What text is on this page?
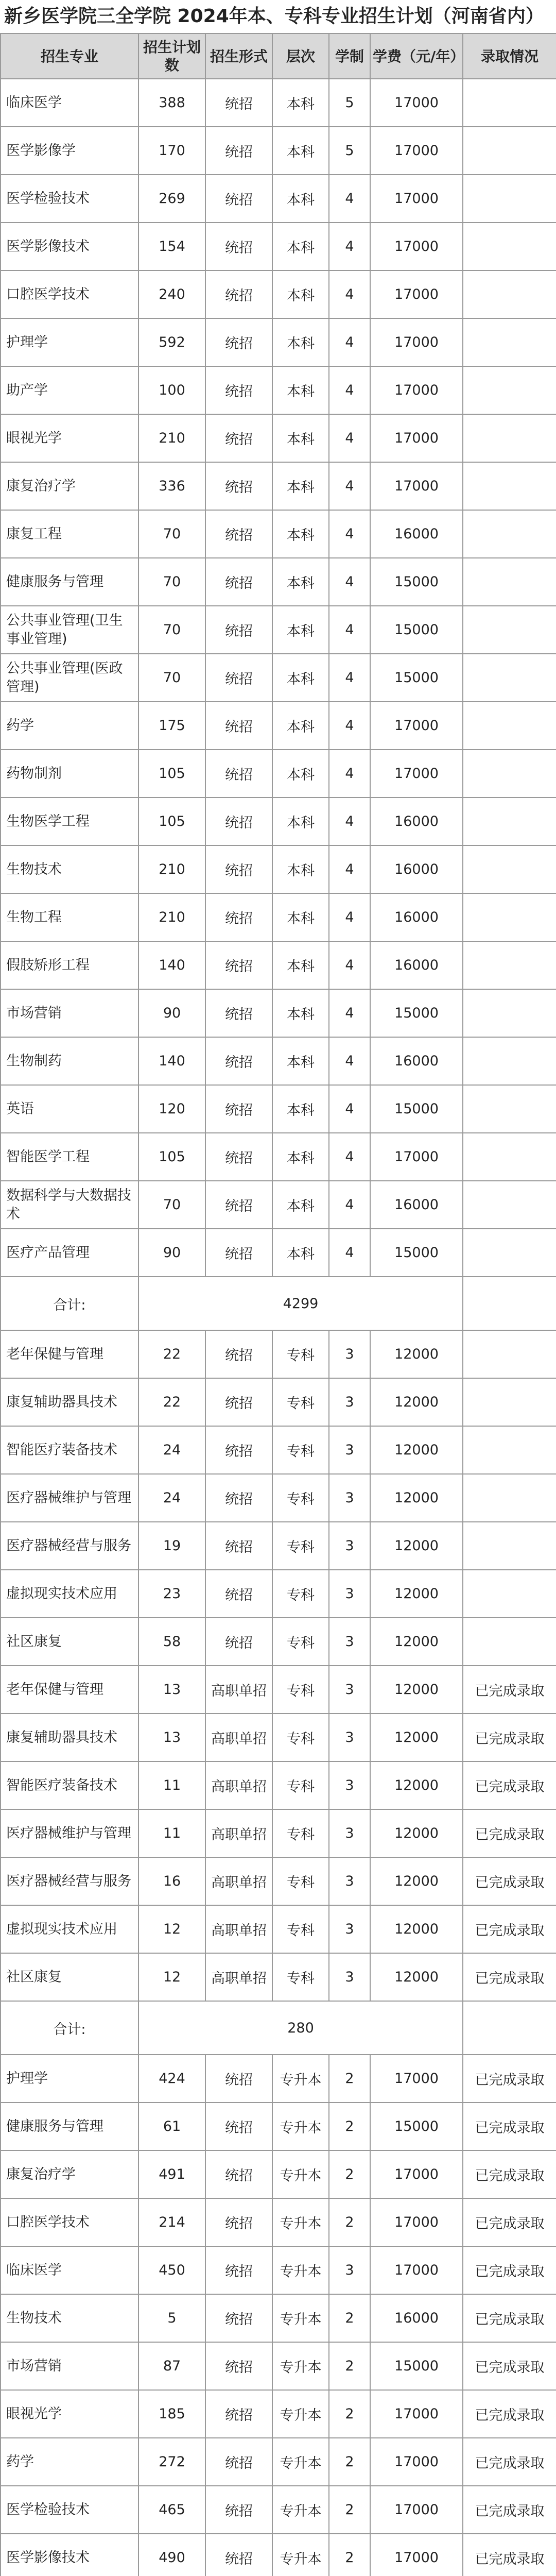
新乡医学院三全学院 2024年本、专科专业招生计划（河南省内）
招生专业	招生计划数	招生形式	层次	学制	学费（元/年）	录取情况
临床医学	388	统招	本科	5	17000	
医学影像学	170	统招	本科	5	17000	
医学检验技术	269	统招	本科	4	17000	
医学影像技术	154	统招	本科	4	17000	
口腔医学技术	240	统招	本科	4	17000	
护理学	592	统招	本科	4	17000	
助产学	100	统招	本科	4	17000	
眼视光学	210	统招	本科	4	17000	
康复治疗学	336	统招	本科	4	17000	
康复工程	70	统招	本科	4	16000	
健康服务与管理	70	统招	本科	4	15000	
公共事业管理(卫生事业管理)	70	统招	本科	4	15000	
公共事业管理(医政管理)	70	统招	本科	4	15000	
药学	175	统招	本科	4	17000	
药物制剂	105	统招	本科	4	17000	
生物医学工程	105	统招	本科	4	16000	
生物技术	210	统招	本科	4	16000	
生物工程	210	统招	本科	4	16000	
假肢矫形工程	140	统招	本科	4	16000	
市场营销	90	统招	本科	4	15000	
生物制药	140	统招	本科	4	16000	
英语	120	统招	本科	4	15000	
智能医学工程	105	统招	本科	4	17000	
数据科学与大数据技术	70	统招	本科	4	16000	
医疗产品管理	90	统招	本科	4	15000	
合计:	4299					
老年保健与管理	22	统招	专科	3	12000	
康复辅助器具技术	22	统招	专科	3	12000	
智能医疗装备技术	24	统招	专科	3	12000	
医疗器械维护与管理	24	统招	专科	3	12000	
医疗器械经营与服务	19	统招	专科	3	12000	
虚拟现实技术应用	23	统招	专科	3	12000	
社区康复	58	统招	专科	3	12000	
老年保健与管理	13	高职单招	专科	3	12000	已完成录取
康复辅助器具技术	13	高职单招	专科	3	12000	已完成录取
智能医疗装备技术	11	高职单招	专科	3	12000	已完成录取
医疗器械维护与管理	11	高职单招	专科	3	12000	已完成录取
医疗器械经营与服务	16	高职单招	专科	3	12000	已完成录取
虚拟现实技术应用	12	高职单招	专科	3	12000	已完成录取
社区康复	12	高职单招	专科	3	12000	已完成录取
合计:	280					
护理学	424	统招	专升本	2	17000	已完成录取
健康服务与管理	61	统招	专升本	2	15000	已完成录取
康复治疗学	491	统招	专升本	2	17000	已完成录取
口腔医学技术	214	统招	专升本	2	17000	已完成录取
临床医学	450	统招	专升本	3	17000	已完成录取
生物技术	5	统招	专升本	2	16000	已完成录取
市场营销	87	统招	专升本	2	15000	已完成录取
眼视光学	185	统招	专升本	2	17000	已完成录取
药学	272	统招	专升本	2	17000	已完成录取
医学检验技术	465	统招	专升本	2	17000	已完成录取
医学影像技术	490	统招	专升本	2	17000	已完成录取
